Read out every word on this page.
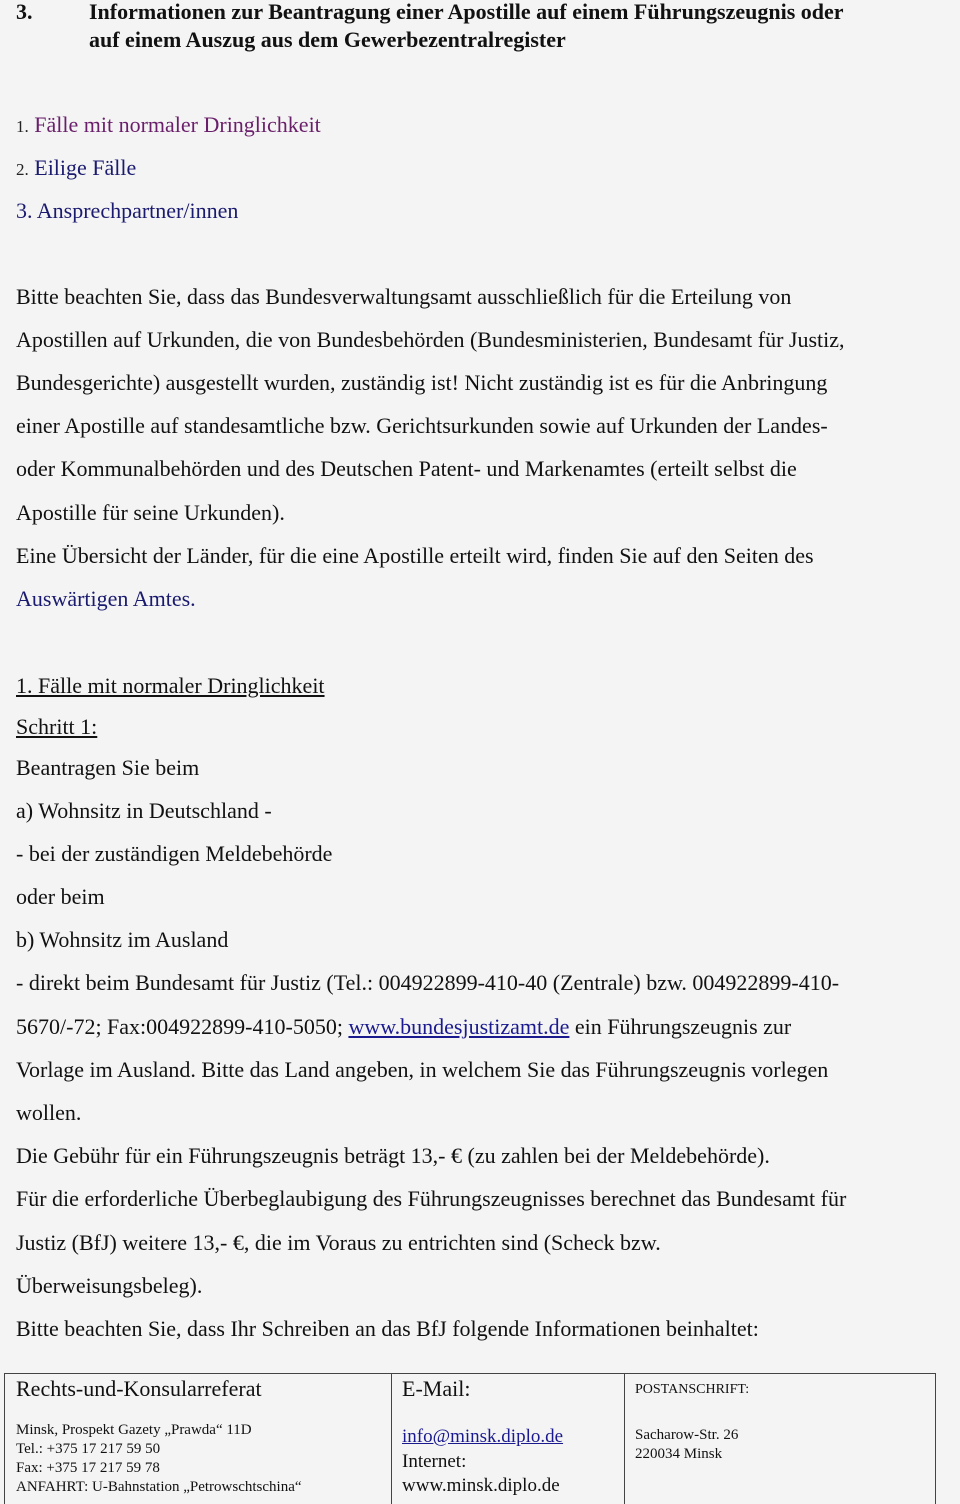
3.	Informationen zur Beantragung einer Apostille auf einem Führungszeugnis oder
auf einem Auszug aus dem Gewerbezentralregister
1. Fälle mit normaler Dringlichkeit
2. Eilige Fälle
3. Ansprechpartner/innen
Bitte beachten Sie, dass das Bundesverwaltungsamt ausschließlich für die Erteilung von
Apostillen auf Urkunden, die von Bundesbehörden (Bundesministerien, Bundesamt für Justiz,
Bundesgerichte) ausgestellt wurden, zuständig ist! Nicht zuständig ist es für die Anbringung
einer Apostille auf standesamtliche bzw. Gerichtsurkunden sowie auf Urkunden der Landes-
oder Kommunalbehörden und des Deutschen Patent- und Markenamtes (erteilt selbst die
Apostille für seine Urkunden).
Eine Übersicht der Länder, für die eine Apostille erteilt wird, finden Sie auf den Seiten des
Auswärtigen Amtes.
1. Fälle mit normaler Dringlichkeit
Schritt 1:
Beantragen Sie beim
a) Wohnsitz in Deutschland -
- bei der zuständigen Meldebehörde
oder beim
b) Wohnsitz im Ausland
- direkt beim Bundesamt für Justiz (Tel.: 004922899-410-40 (Zentrale) bzw. 004922899-410-
5670/-72; Fax:004922899-410-5050; www.bundesjustizamt.de ein Führungszeugnis zur
Vorlage im Ausland. Bitte das Land angeben, in welchem Sie das Führungszeugnis vorlegen
wollen.
Die Gebühr für ein Führungszeugnis beträgt 13,- € (zu zahlen bei der Meldebehörde).
Für die erforderliche Überbeglaubigung des Führungszeugnisses berechnet das Bundesamt für
Justiz (BfJ) weitere 13,- €, die im Voraus zu entrichten sind (Scheck bzw.
Überweisungsbeleg).
Bitte beachten Sie, dass Ihr Schreiben an das BfJ folgende Informationen beinhaltet:
Rechts-und-Konsularreferat
Minsk, Prospekt Gazety „Prawda“ 11D
Tel.: +375 17 217 59 50
Fax: +375 17 217 59 78
ANFAHRT: U-Bahnstation „Petrowschtschina“
E-Mail:
info@minsk.diplo.de
Internet:
www.minsk.diplo.de
POSTANSCHRIFT:
Sacharow-Str. 26
220034 Minsk
